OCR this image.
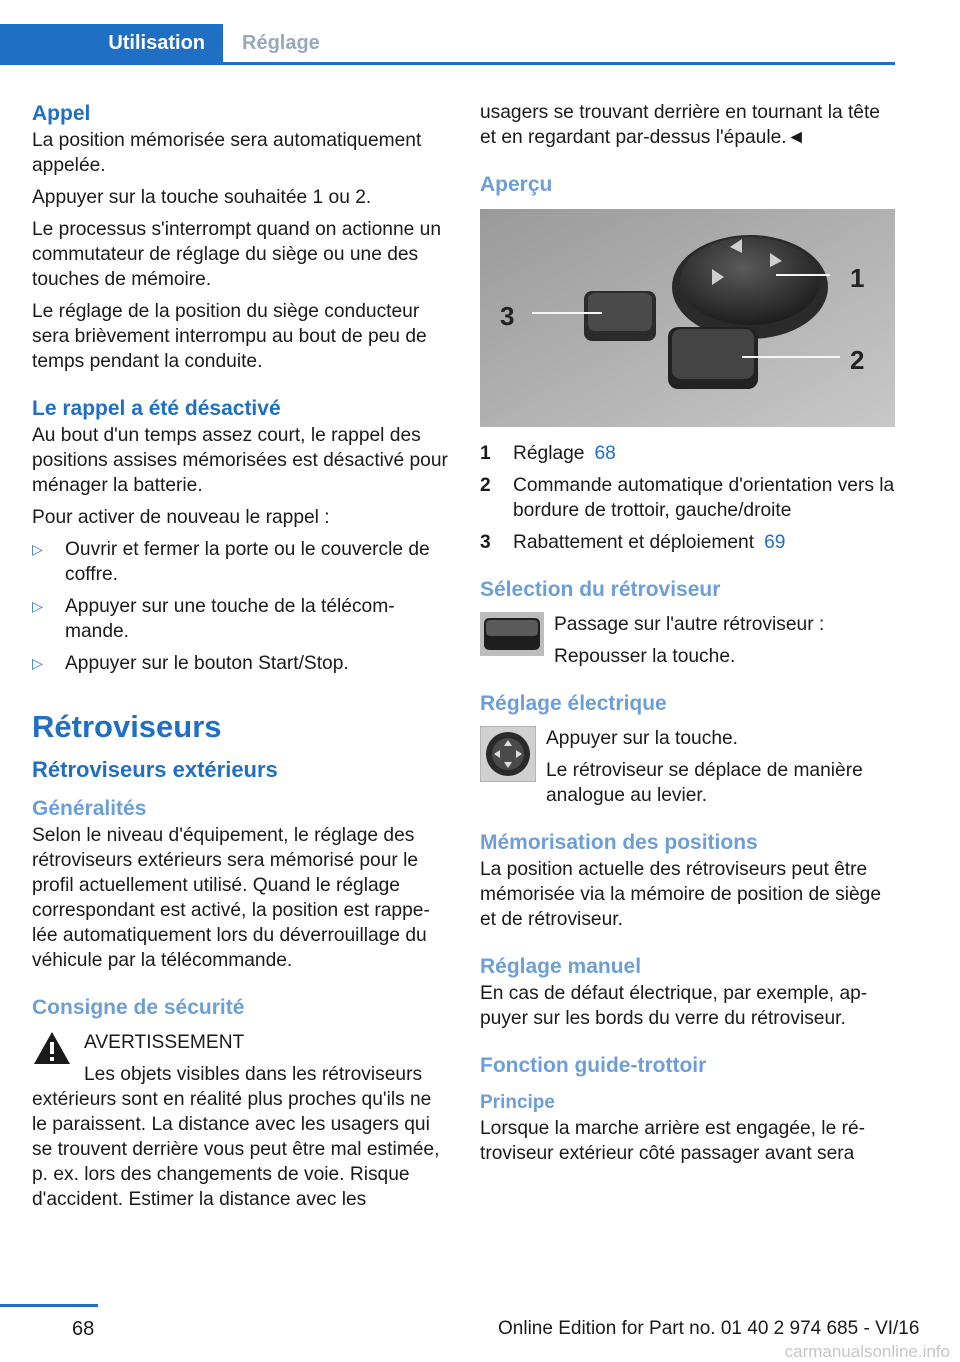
Utilisation	Réglage
Appel

La position mémorisée sera automatiquement appelée.

Appuyer sur la touche souhaitée 1 ou 2.

Le processus s'interrompt quand on actionne un commutateur de réglage du siège ou une des touches de mémoire.

Le réglage de la position du siège conducteur sera brièvement interrompu au bout de peu de temps pendant la conduite.

Le rappel a été désactivé

Au bout d'un temps assez court, le rappel des positions assises mémorisées est désactivé pour ménager la batterie.

Pour activer de nouveau le rappel :

▷	Ouvrir et fermer la porte ou le couvercle de coffre.
▷	Appuyer sur une touche de la télécommande.
▷	Appuyer sur le bouton Start/Stop.
Rétroviseurs
Rétroviseurs extérieurs
Généralités

Selon le niveau d'équipement, le réglage des rétroviseurs extérieurs sera mémorisé pour le profil actuellement utilisé. Quand le réglage correspondant est activé, la position est rappelée automatiquement lors du déverrouillage du véhicule par la télécommande.

Consigne de sécurité

AVERTISSEMENT

Les objets visibles dans les rétroviseurs

extérieurs sont en réalité plus proches qu'ils ne le paraissent. La distance avec les usagers qui se trouvent derrière vous peut être mal estimée, p. ex. lors des changements de voie. Risque d'accident. Estimer la distance avec les

usagers se trouvant derrière en tournant la tête et en regardant par-dessus l'épaule.◄

Aperçu
3
1
2
1	Réglage 68
2	Commande automatique d'orientation vers la bordure de trottoir, gauche/droite
3	Rabattement et déploiement 69
Sélection du rétroviseur

Passage sur l'autre rétroviseur :

Repousser la touche.

Réglage électrique

Appuyer sur la touche.

Le rétroviseur se déplace de manière analogue au levier.

Mémorisation des positions

La position actuelle des rétroviseurs peut être mémorisée via la mémoire de position de siège et de rétroviseur.

Réglage manuel

En cas de défaut électrique, par exemple, appuyer sur les bords du verre du rétroviseur.

Fonction guide-trottoir
Principe

Lorsque la marche arrière est engagée, le rétroviseur extérieur côté passager avant sera

68	Online Edition for Part no. 01 40 2 974 685 - VI/16
carmanualsonline.info
